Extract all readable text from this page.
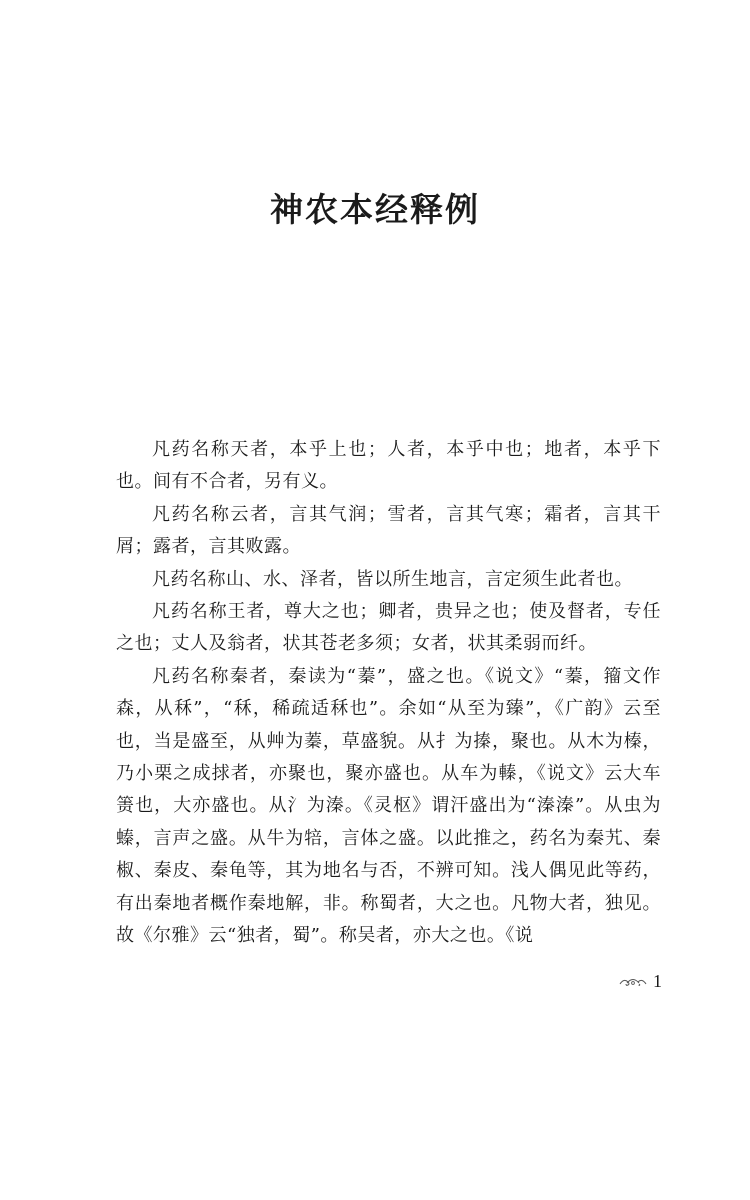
神农本经释例

凡药名称天者，本乎上也；人者，本乎中也；地者，本乎下也。间有不合者，另有义。

凡药名称云者，言其气润；雪者，言其气寒；霜者，言其干屑；露者，言其败露。

凡药名称山、水、泽者，皆以所生地言，言定须生此者也。

凡药名称王者，尊大之也；卿者，贵异之也；使及督者，专任之也；丈人及翁者，状其苍老多须；女者，状其柔弱而纤。

凡药名称秦者，秦读为“蓁”，盛之也。《说文》“蓁，籀文作森，从秝”，“秝，稀疏适秝也”。余如“从至为臻”，《广韵》云至也，当是盛至，从艸为蓁，草盛貌。从扌为搸，聚也。从木为榛，乃小栗之成捄者，亦聚也，聚亦盛也。从车为轃，《说文》云大车箦也，大亦盛也。从氵为溱。《灵枢》谓汗盛出为“溱溱”。从虫为螓，言声之盛。从牛为犃，言体之盛。以此推之，药名为秦艽、秦椒、秦皮、秦龟等，其为地名与否，不辨可知。浅人偶见此等药，有出秦地者概作秦地解，非。称蜀者，大之也。凡物大者，独见。故《尔雅》云“独者，蜀”。称吴者，亦大之也。《说

1
